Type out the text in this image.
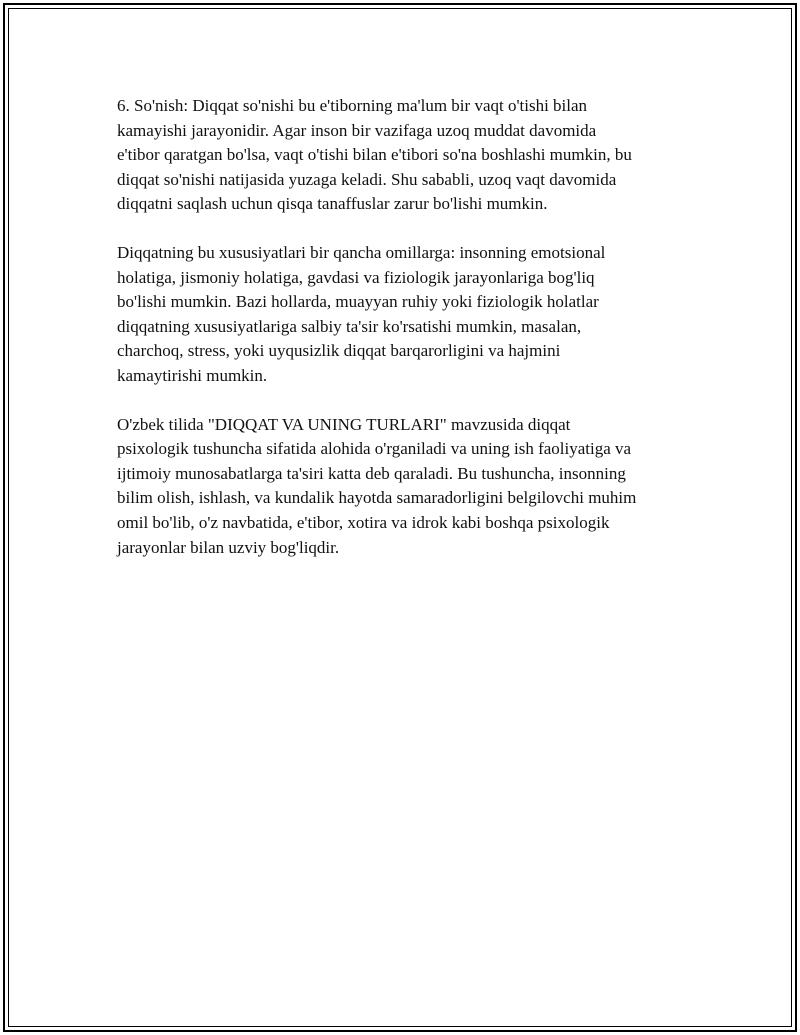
6. So'nish: Diqqat so'nishi bu e'tiborning ma'lum bir vaqt o'tishi bilan
kamayishi jarayonidir. Agar inson bir vazifaga uzoq muddat davomida
e'tibor qaratgan bo'lsa, vaqt o'tishi bilan e'tibori so'na boshlashi mumkin, bu
diqqat so'nishi natijasida yuzaga keladi. Shu sababli, uzoq vaqt davomida
diqqatni saqlash uchun qisqa tanaffuslar zarur bo'lishi mumkin.

Diqqatning bu xususiyatlari bir qancha omillarga: insonning emotsional
holatiga, jismoniy holatiga, gavdasi va fiziologik jarayonlariga bog'liq
bo'lishi mumkin. Bazi hollarda, muayyan ruhiy yoki fiziologik holatlar
diqqatning xususiyatlariga salbiy ta'sir ko'rsatishi mumkin, masalan,
charchoq, stress, yoki uyqusizlik diqqat barqarorligini va hajmini
kamaytirishi mumkin.

O'zbek tilida "DIQQAT VA UNING TURLARI" mavzusida diqqat
psixologik tushuncha sifatida alohida o'rganiladi va uning ish faoliyatiga va
ijtimoiy munosabatlarga ta'siri katta deb qaraladi. Bu tushuncha, insonning
bilim olish, ishlash, va kundalik hayotda samaradorligini belgilovchi muhim
omil bo'lib, o'z navbatida, e'tibor, xotira va idrok kabi boshqa psixologik
jarayonlar bilan uzviy bog'liqdir.
